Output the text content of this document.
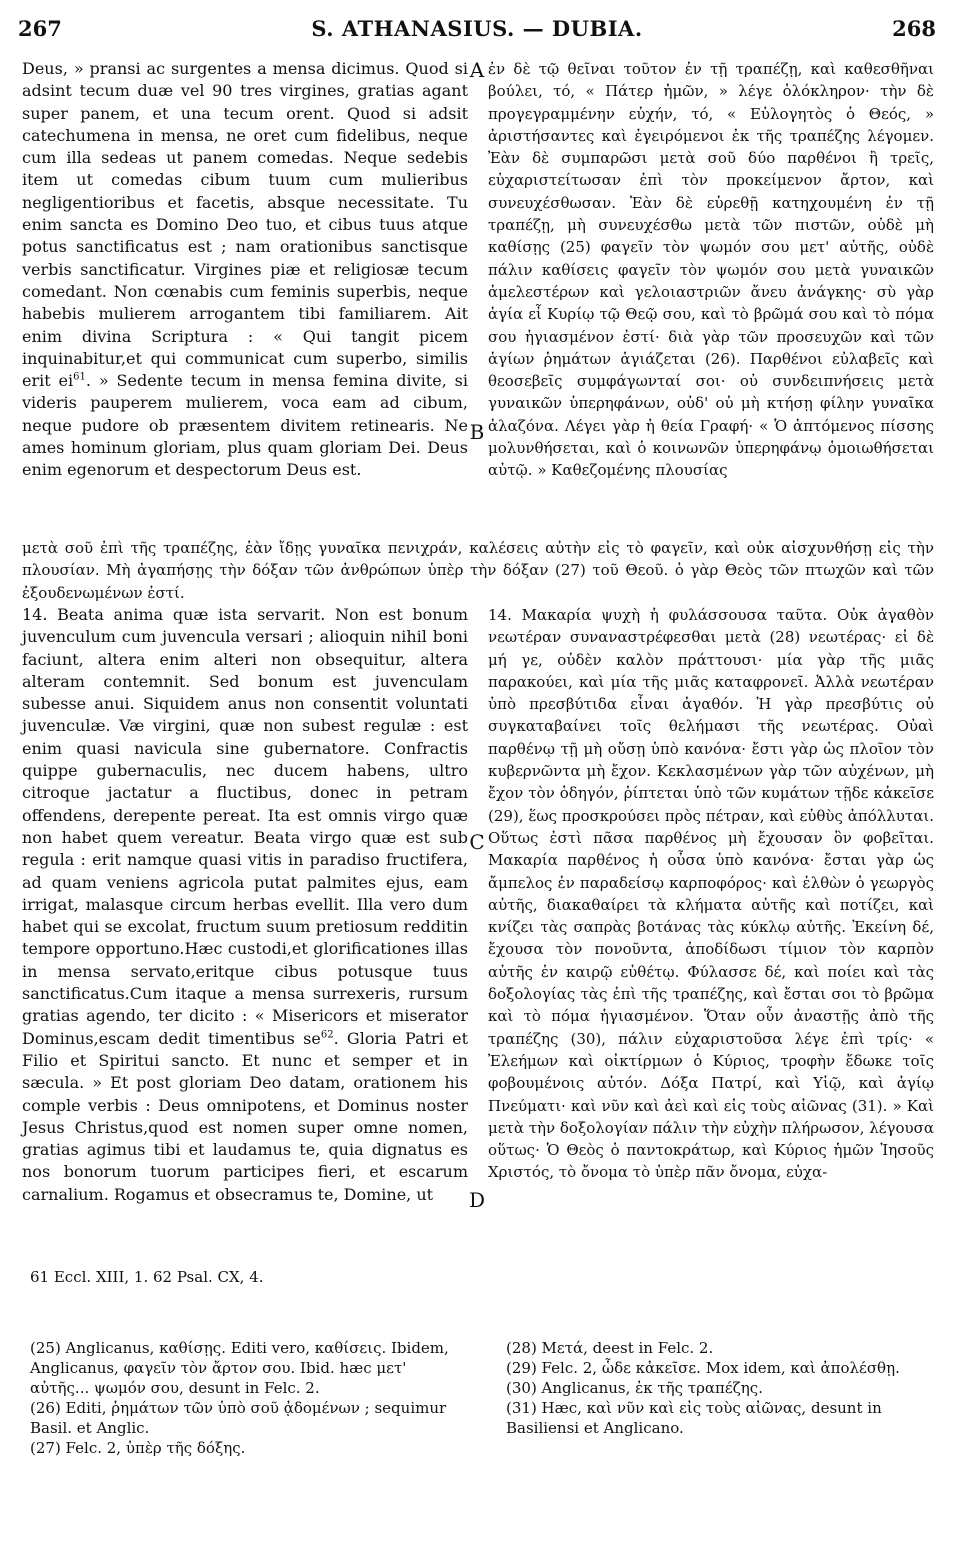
267	S. ATHANASIUS. — DUBIA.	268

Deus, » pransi ac surgentes a mensa dicimus. Quod si adsint tecum duæ vel 90 tres virgines, gratias agant super panem, et una tecum orent. Quod si adsit catechumena in mensa, ne oret cum fidelibus, neque cum illa sedeas ut panem comedas. Neque sedebis item ut comedas cibum tuum cum mulieribus negligentioribus et facetis, absque necessitate. Tu enim sancta es Domino Deo tuo, et cibus tuus atque potus sanctificatus est ; nam orationibus sanctisque verbis sanctificatur. Virgines piæ et religiosæ tecum comedant. Non cœnabis cum feminis superbis, neque habebis mulierem arrogantem tibi familiarem. Ait enim divina Scriptura : « Qui tangit picem inquinabitur,et qui communicat cum superbo, similis erit $ei^{61}$. » Sedente tecum in mensa femina divite, si videris pauperem mulierem, voca eam ad cibum, neque pudore ob præsentem divitem retinearis. Ne ames hominum gloriam, plus quam gloriam Dei. Deus enim egenorum et despectorum Deus est.

ἐν δὲ τῷ θεῖναι τοῦτον ἐν τῇ τραπέζῃ, καὶ καθεσθῆναι βούλει, τό, « Πάτερ ἡμῶν, » λέγε ὁλόκληρον· τὴν δὲ προγεγραμμένην εὐχήν, τό, « Εὐλογητὸς ὁ Θεός, » ἀριστήσαντες καὶ ἐγειρόμενοι ἐκ τῆς τραπέζης λέγομεν. Ἐὰν δὲ συμπαρῶσι μετὰ σοῦ δύο παρθένοι ἢ τρεῖς, εὐχαριστείτωσαν ἐπὶ τὸν προκείμενον ἄρτον, καὶ συνευχέσθωσαν. Ἐὰν δὲ εὑρεθῇ κατηχουμένη ἐν τῇ τραπέζῃ, μὴ συνευχέσθω μετὰ τῶν πιστῶν, οὐδὲ μὴ καθίσῃς (25) φαγεῖν τὸν ψωμόν σου μετ' αὐτῆς, οὐδὲ πάλιν καθίσεις φαγεῖν τὸν ψωμόν σου μετὰ γυναικῶν ἀμελεστέρων καὶ γελοιαστριῶν ἄνευ ἀνάγκης· σὺ γὰρ ἁγία εἶ Κυρίῳ τῷ Θεῷ σου, καὶ τὸ βρῶμά σου καὶ τὸ πόμα σου ἡγιασμένον ἐστί· διὰ γὰρ τῶν προσευχῶν καὶ τῶν ἁγίων ῥημάτων ἁγιάζεται (26). Παρθένοι εὐλαβεῖς καὶ θεοσεβεῖς συμφάγωνταί σοι· οὐ συνδειπνήσεις μετὰ γυναικῶν ὑπερηφάνων, οὐδ' οὐ μὴ κτήσῃ φίλην γυναῖκα ἀλαζόνα. Λέγει γὰρ ἡ θεία Γραφή· « Ὁ ἁπτόμενος πίσσης μολυνθήσεται, καὶ ὁ κοινωνῶν ὑπερηφάνῳ ὁμοιωθήσεται αὐτῷ. » Καθεζομένης πλουσίας

μετὰ σοῦ ἐπὶ τῆς τραπέζης, ἐὰν ἴδῃς γυναῖκα πενιχράν, καλέσεις αὐτὴν εἰς τὸ φαγεῖν, καὶ οὐκ αἰσχυνθήσῃ εἰς τὴν πλουσίαν. Μὴ ἀγαπήσῃς τὴν δόξαν τῶν ἀνθρώπων ὑπὲρ τὴν δόξαν (27) τοῦ Θεοῦ. ὁ γὰρ Θεὸς τῶν πτωχῶν καὶ τῶν ἐξουδενωμένων ἐστί.

14. Beata anima quæ ista servarit. Non est bonum juvenculum cum juvencula versari ; alioquin nihil boni faciunt, altera enim alteri non obsequitur, altera alteram contemnit. Sed bonum est juvenculam subesse anui. Siquidem anus non consentit voluntati juvenculæ. Væ virgini, quæ non subest regulæ : est enim quasi navicula sine gubernatore. Confractis quippe gubernaculis, nec ducem habens, ultro citroque jactatur a fluctibus, donec in petram offendens, derepente pereat. Ita est omnis virgo quæ non habet quem vereatur. Beata virgo quæ est sub regula : erit namque quasi vitis in paradiso fructifera, ad quam veniens agricola putat palmites ejus, eam irrigat, malasque circum herbas evellit. Illa vero dum habet qui se excolat, fructum suum pretiosum redditin tempore opportuno.Hæc custodi,et glorificationes illas in mensa servato,eritque cibus potusque tuus sanctificatus.Cum itaque a mensa surrexeris, rursum gratias agendo, ter dicito : « Misericors et miserator Dominus,escam dedit timentibus $se^{62}$. Gloria Patri et Filio et Spiritui sancto. Et nunc et semper et in sæcula. » Et post gloriam Deo datam, orationem his comple verbis : Deus omnipotens, et Dominus noster Jesus Christus,quod est nomen super omne nomen, gratias agimus tibi et laudamus te, quia dignatus es nos bonorum tuorum participes fieri, et escarum carnalium. Rogamus et obsecramus te, Domine, ut

14. Μακαρία ψυχὴ ἡ φυλάσσουσα ταῦτα. Οὐκ ἀγαθὸν νεωτέραν συναναστρέφεσθαι μετὰ (28) νεωτέρας· εἰ δὲ μή γε, οὐδὲν καλὸν πράττουσι· μία γὰρ τῆς μιᾶς παρακούει, καὶ μία τῆς μιᾶς καταφρονεῖ. Ἀλλὰ νεωτέραν ὑπὸ πρεσβύτιδα εἶναι ἀγαθόν. Ἡ γὰρ πρεσβύτις οὐ συγκαταβαίνει τοῖς θελήμασι τῆς νεωτέρας. Οὐαὶ παρθένῳ τῇ μὴ οὔσῃ ὑπὸ κανόνα· ἔστι γὰρ ὡς πλοῖον τὸν κυβερνῶντα μὴ ἔχον. Κεκλασμένων γὰρ τῶν αὐχένων, μὴ ἔχον τὸν ὁδηγόν, ῥίπτεται ὑπὸ τῶν κυμάτων τῇδε κἀκεῖσε (29), ἕως προσκρούσει πρὸς πέτραν, καὶ εὐθὺς ἀπόλλυται. Οὕτως ἐστὶ πᾶσα παρθένος μὴ ἔχουσαν ὃν φοβεῖται. Μακαρία παρθένος ἡ οὖσα ὑπὸ κανόνα· ἔσται γὰρ ὡς ἄμπελος ἐν παραδείσῳ καρποφόρος· καὶ ἐλθὼν ὁ γεωργὸς αὐτῆς, διακαθαίρει τὰ κλήματα αὐτῆς καὶ ποτίζει, καὶ κνίζει τὰς σαπρὰς βοτάνας τὰς κύκλῳ αὐτῆς. Ἐκείνη δέ, ἔχουσα τὸν πονοῦντα, ἀποδίδωσι τίμιον τὸν καρπὸν αὐτῆς ἐν καιρῷ εὐθέτῳ. Φύλασσε δέ, καὶ ποίει καὶ τὰς δοξολογίας τὰς ἐπὶ τῆς τραπέζης, καὶ ἔσται σοι τὸ βρῶμα καὶ τὸ πόμα ἡγιασμένον. Ὅταν οὖν ἀναστῇς ἀπὸ τῆς τραπέζης (30), πάλιν εὐχαριστοῦσα λέγε ἐπὶ τρίς· « Ἐλεήμων καὶ οἰκτίρμων ὁ Κύριος, τροφὴν ἔδωκε τοῖς φοβουμένοις αὐτόν. Δόξα Πατρί, καὶ Υἱῷ, καὶ ἁγίῳ Πνεύματι· καὶ νῦν καὶ ἀεὶ καὶ εἰς τοὺς αἰῶνας (31). » Καὶ μετὰ τὴν δοξολογίαν πάλιν τὴν εὐχὴν πλήρωσον, λέγουσα οὕτως· Ὁ Θεὸς ὁ παντοκράτωρ, καὶ Κύριος ἡμῶν Ἰησοῦς Χριστός, τὸ ὄνομα τὸ ὑπὲρ πᾶν ὄνομα, εὐχα-

A
B
C
D
61 Eccl. XIII, 1. 62 Psal. CX, 4.

(25) Anglicanus, καθίσῃς. Editi vero, καθίσεις. Ibidem, Anglicanus, φαγεῖν τὸν ἄρτον σου. Ibid. hæc μετ' αὐτῆς... ψωμόν σου, desunt in Felc. 2.

(26) Editi, ῥημάτων τῶν ὑπὸ σοῦ ᾀδομένων ; sequimur Basil. et Anglic.

(27) Felc. 2, ὑπὲρ τῆς δόξης.

(28) Μετά, deest in Felc. 2.

(29) Felc. 2, ὧδε κἀκεῖσε. Mox idem, καὶ ἀπολέσθῃ.

(30) Anglicanus, ἐκ τῆς τραπέζης.

(31) Hæc, καὶ νῦν καὶ εἰς τοὺς αἰῶνας, desunt in Basiliensi et Anglicano.
